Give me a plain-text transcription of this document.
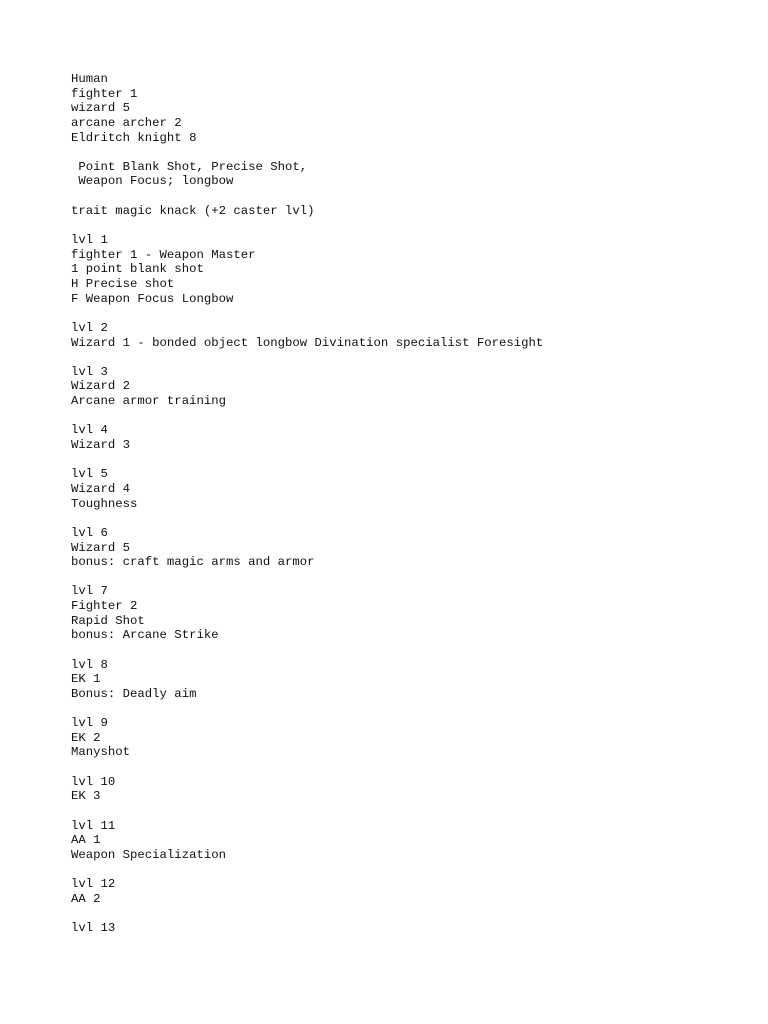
Human
fighter 1
wizard 5
arcane archer 2
Eldritch knight 8
Point Blank Shot, Precise Shot,
Weapon Focus; longbow
trait magic knack (+2 caster lvl)
lvl 1
fighter 1 - Weapon Master
1 point blank shot
H Precise shot
F Weapon Focus Longbow
lvl 2
Wizard 1 - bonded object longbow Divination specialist Foresight
lvl 3
Wizard 2
Arcane armor training
lvl 4
Wizard 3
lvl 5
Wizard 4
Toughness
lvl 6
Wizard 5
bonus: craft magic arms and armor
lvl 7
Fighter 2
Rapid Shot
bonus: Arcane Strike
lvl 8
EK 1
Bonus: Deadly aim
lvl 9
EK 2
Manyshot
lvl 10
EK 3
lvl 11
AA 1
Weapon Specialization
lvl 12
AA 2
lvl 13
